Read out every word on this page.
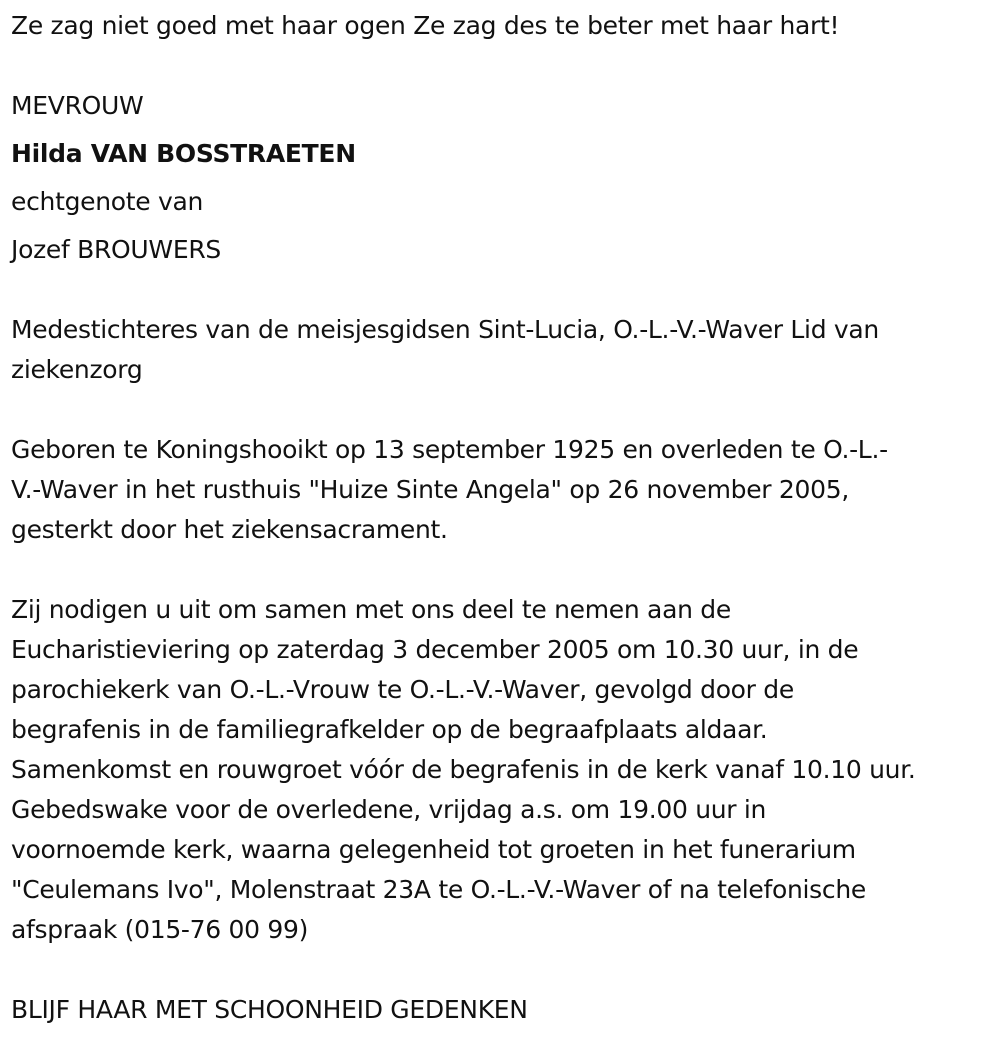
Ze zag niet goed met haar ogen Ze zag des te beter met haar hart!
MEVROUW
Hilda VAN BOSSTRAETEN
echtgenote van
Jozef BROUWERS
Medestichteres van de meisjesgidsen Sint-Lucia, O.-L.-V.-Waver Lid van
ziekenzorg
Geboren te Koningshooikt op 13 september 1925 en overleden te O.-L.-
V.-Waver in het rusthuis "Huize Sinte Angela" op 26 november 2005,
gesterkt door het ziekensacrament.
Zij nodigen u uit om samen met ons deel te nemen aan de
Eucharistieviering op zaterdag 3 december 2005 om 10.30 uur, in de
parochiekerk van O.-L.-Vrouw te O.-L.-V.-Waver, gevolgd door de
begrafenis in de familiegrafkelder op de begraafplaats aldaar.
Samenkomst en rouwgroet vóór de begrafenis in de kerk vanaf 10.10 uur.
Gebedswake voor de overledene, vrijdag a.s. om 19.00 uur in
voornoemde kerk, waarna gelegenheid tot groeten in het funerarium
"Ceulemans Ivo", Molenstraat 23A te O.-L.-V.-Waver of na telefonische
afspraak (015-76 00 99)
BLIJF HAAR MET SCHOONHEID GEDENKEN
